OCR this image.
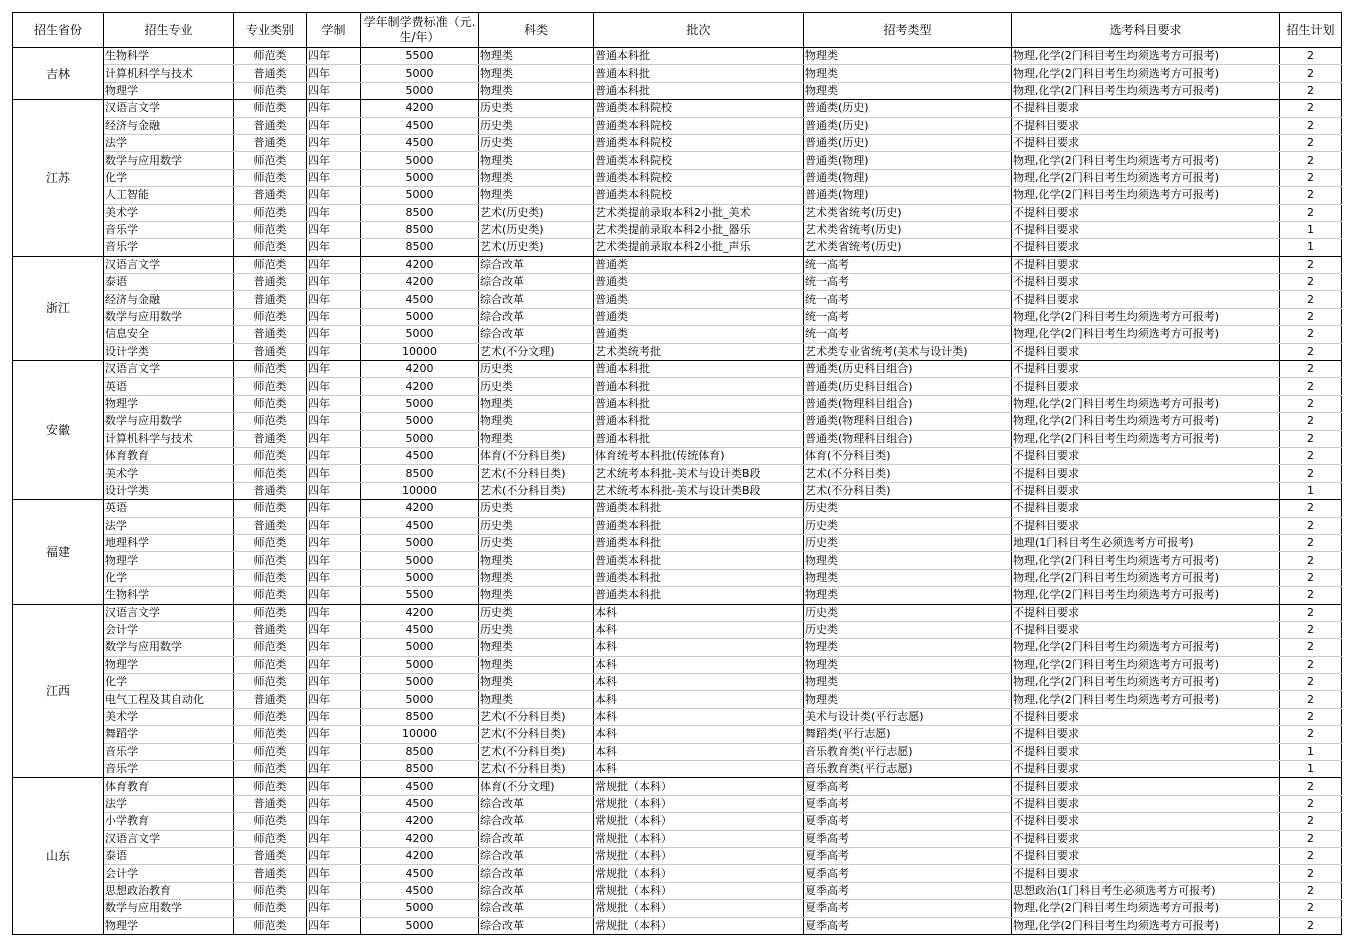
招生省份	招生专业	专业类别	学制	学年制学费标准（元.生/年）	科类	批次	招考类型	选考科目要求	招生计划
吉林	生物科学	师范类	四年	5500	物理类	普通本科批	物理类	物理,化学(2门科目考生均须选考方可报考)	2
	计算机科学与技术	普通类	四年	5000	物理类	普通本科批	物理类	物理,化学(2门科目考生均须选考方可报考)	2
	物理学	师范类	四年	5000	物理类	普通本科批	物理类	物理,化学(2门科目考生均须选考方可报考)	2
江苏	汉语言文学	师范类	四年	4200	历史类	普通类本科院校	普通类(历史)	不提科目要求	2
	经济与金融	普通类	四年	4500	历史类	普通类本科院校	普通类(历史)	不提科目要求	2
	法学	普通类	四年	4500	历史类	普通类本科院校	普通类(历史)	不提科目要求	2
	数学与应用数学	师范类	四年	5000	物理类	普通类本科院校	普通类(物理)	物理,化学(2门科目考生均须选考方可报考)	2
	化学	师范类	四年	5000	物理类	普通类本科院校	普通类(物理)	物理,化学(2门科目考生均须选考方可报考)	2
	人工智能	普通类	四年	5000	物理类	普通类本科院校	普通类(物理)	物理,化学(2门科目考生均须选考方可报考)	2
	美术学	师范类	四年	8500	艺术(历史类)	艺术类提前录取本科2小批_美术	艺术类省统考(历史)	不提科目要求	2
	音乐学	师范类	四年	8500	艺术(历史类)	艺术类提前录取本科2小批_器乐	艺术类省统考(历史)	不提科目要求	1
	音乐学	师范类	四年	8500	艺术(历史类)	艺术类提前录取本科2小批_声乐	艺术类省统考(历史)	不提科目要求	1
浙江	汉语言文学	师范类	四年	4200	综合改革	普通类	统一高考	不提科目要求	2
	泰语	普通类	四年	4200	综合改革	普通类	统一高考	不提科目要求	2
	经济与金融	普通类	四年	4500	综合改革	普通类	统一高考	不提科目要求	2
	数学与应用数学	师范类	四年	5000	综合改革	普通类	统一高考	物理,化学(2门科目考生均须选考方可报考)	2
	信息安全	普通类	四年	5000	综合改革	普通类	统一高考	物理,化学(2门科目考生均须选考方可报考)	2
	设计学类	普通类	四年	10000	艺术(不分文理)	艺术类统考批	艺术类专业省统考(美术与设计类)	不提科目要求	2
安徽	汉语言文学	师范类	四年	4200	历史类	普通本科批	普通类(历史科目组合)	不提科目要求	2
	英语	师范类	四年	4200	历史类	普通本科批	普通类(历史科目组合)	不提科目要求	2
	物理学	师范类	四年	5000	物理类	普通本科批	普通类(物理科目组合)	物理,化学(2门科目考生均须选考方可报考)	2
	数学与应用数学	师范类	四年	5000	物理类	普通本科批	普通类(物理科目组合)	物理,化学(2门科目考生均须选考方可报考)	2
	计算机科学与技术	普通类	四年	5000	物理类	普通本科批	普通类(物理科目组合)	物理,化学(2门科目考生均须选考方可报考)	2
	体育教育	师范类	四年	4500	体育(不分科目类)	体育统考本科批(传统体育)	体育(不分科目类)	不提科目要求	2
	美术学	师范类	四年	8500	艺术(不分科目类)	艺术统考本科批-美术与设计类B段	艺术(不分科目类)	不提科目要求	2
	设计学类	普通类	四年	10000	艺术(不分科目类)	艺术统考本科批-美术与设计类B段	艺术(不分科目类)	不提科目要求	1
福建	英语	师范类	四年	4200	历史类	普通类本科批	历史类	不提科目要求	2
	法学	普通类	四年	4500	历史类	普通类本科批	历史类	不提科目要求	2
	地理科学	师范类	四年	5000	历史类	普通类本科批	历史类	地理(1门科目考生必须选考方可报考)	2
	物理学	师范类	四年	5000	物理类	普通类本科批	物理类	物理,化学(2门科目考生均须选考方可报考)	2
	化学	师范类	四年	5000	物理类	普通类本科批	物理类	物理,化学(2门科目考生均须选考方可报考)	2
	生物科学	师范类	四年	5500	物理类	普通类本科批	物理类	物理,化学(2门科目考生均须选考方可报考)	2
江西	汉语言文学	师范类	四年	4200	历史类	本科	历史类	不提科目要求	2
	会计学	普通类	四年	4500	历史类	本科	历史类	不提科目要求	2
	数学与应用数学	师范类	四年	5000	物理类	本科	物理类	物理,化学(2门科目考生均须选考方可报考)	2
	物理学	师范类	四年	5000	物理类	本科	物理类	物理,化学(2门科目考生均须选考方可报考)	2
	化学	师范类	四年	5000	物理类	本科	物理类	物理,化学(2门科目考生均须选考方可报考)	2
	电气工程及其自动化	普通类	四年	5000	物理类	本科	物理类	物理,化学(2门科目考生均须选考方可报考)	2
	美术学	师范类	四年	8500	艺术(不分科目类)	本科	美术与设计类(平行志愿)	不提科目要求	2
	舞蹈学	师范类	四年	10000	艺术(不分科目类)	本科	舞蹈类(平行志愿)	不提科目要求	2
	音乐学	师范类	四年	8500	艺术(不分科目类)	本科	音乐教育类(平行志愿)	不提科目要求	1
	音乐学	师范类	四年	8500	艺术(不分科目类)	本科	音乐教育类(平行志愿)	不提科目要求	1
山东	体育教育	师范类	四年	4500	体育(不分文理)	常规批（本科）	夏季高考	不提科目要求	2
	法学	普通类	四年	4500	综合改革	常规批（本科）	夏季高考	不提科目要求	2
	小学教育	师范类	四年	4200	综合改革	常规批（本科）	夏季高考	不提科目要求	2
	汉语言文学	师范类	四年	4200	综合改革	常规批（本科）	夏季高考	不提科目要求	2
	泰语	普通类	四年	4200	综合改革	常规批（本科）	夏季高考	不提科目要求	2
	会计学	普通类	四年	4500	综合改革	常规批（本科）	夏季高考	不提科目要求	2
	思想政治教育	师范类	四年	4500	综合改革	常规批（本科）	夏季高考	思想政治(1门科目考生必须选考方可报考)	2
	数学与应用数学	师范类	四年	5000	综合改革	常规批（本科）	夏季高考	物理,化学(2门科目考生均须选考方可报考)	2
	物理学	师范类	四年	5000	综合改革	常规批（本科）	夏季高考	物理,化学(2门科目考生均须选考方可报考)	2
